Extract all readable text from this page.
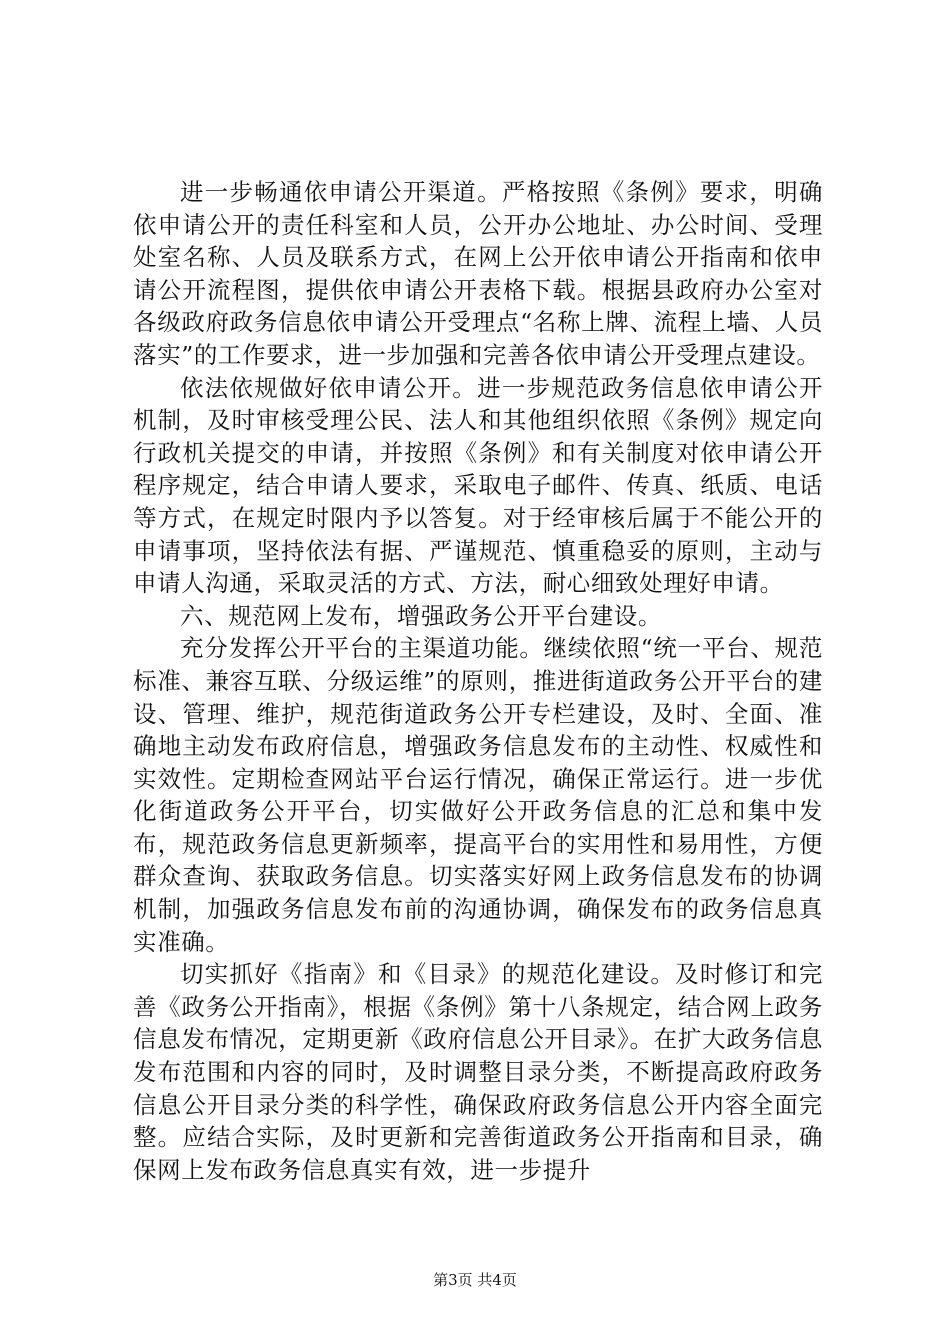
进一步畅通依申请公开渠道。严格按照《条例》要求，明确依申请公开的责任科室和人员，公开办公地址、办公时间、受理处室名称、人员及联系方式，在网上公开依申请公开指南和依申请公开流程图，提供依申请公开表格下载。根据县政府办公室对各级政府政务信息依申请公开受理点“名称上牌、流程上墙、人员落实”的工作要求，进一步加强和完善各依申请公开受理点建设。

依法依规做好依申请公开。进一步规范政务信息依申请公开机制，及时审核受理公民、法人和其他组织依照《条例》规定向行政机关提交的申请，并按照《条例》和有关制度对依申请公开程序规定，结合申请人要求，采取电子邮件、传真、纸质、电话等方式，在规定时限内予以答复。对于经审核后属于不能公开的申请事项，坚持依法有据、严谨规范、慎重稳妥的原则，主动与申请人沟通，采取灵活的方式、方法，耐心细致处理好申请。

六、规范网上发布，增强政务公开平台建设。

充分发挥公开平台的主渠道功能。继续依照“统一平台、规范标准、兼容互联、分级运维”的原则，推进街道政务公开平台的建设、管理、维护，规范街道政务公开专栏建设，及时、全面、准确地主动发布政府信息，增强政务信息发布的主动性、权威性和实效性。定期检查网站平台运行情况，确保正常运行。进一步优化街道政务公开平台，切实做好公开政务信息的汇总和集中发布，规范政务信息更新频率，提高平台的实用性和易用性，方便群众查询、获取政务信息。切实落实好网上政务信息发布的协调机制，加强政务信息发布前的沟通协调，确保发布的政务信息真实准确。

切实抓好《指南》和《目录》的规范化建设。及时修订和完善《政务公开指南》，根据《条例》第十八条规定，结合网上政务信息发布情况，定期更新《政府信息公开目录》。在扩大政务信息发布范围和内容的同时，及时调整目录分类，不断提高政府政务信息公开目录分类的科学性，确保政府政务信息公开内容全面完整。应结合实际，及时更新和完善街道政务公开指南和目录，确保网上发布政务信息真实有效，进一步提升

第3页 共4页
